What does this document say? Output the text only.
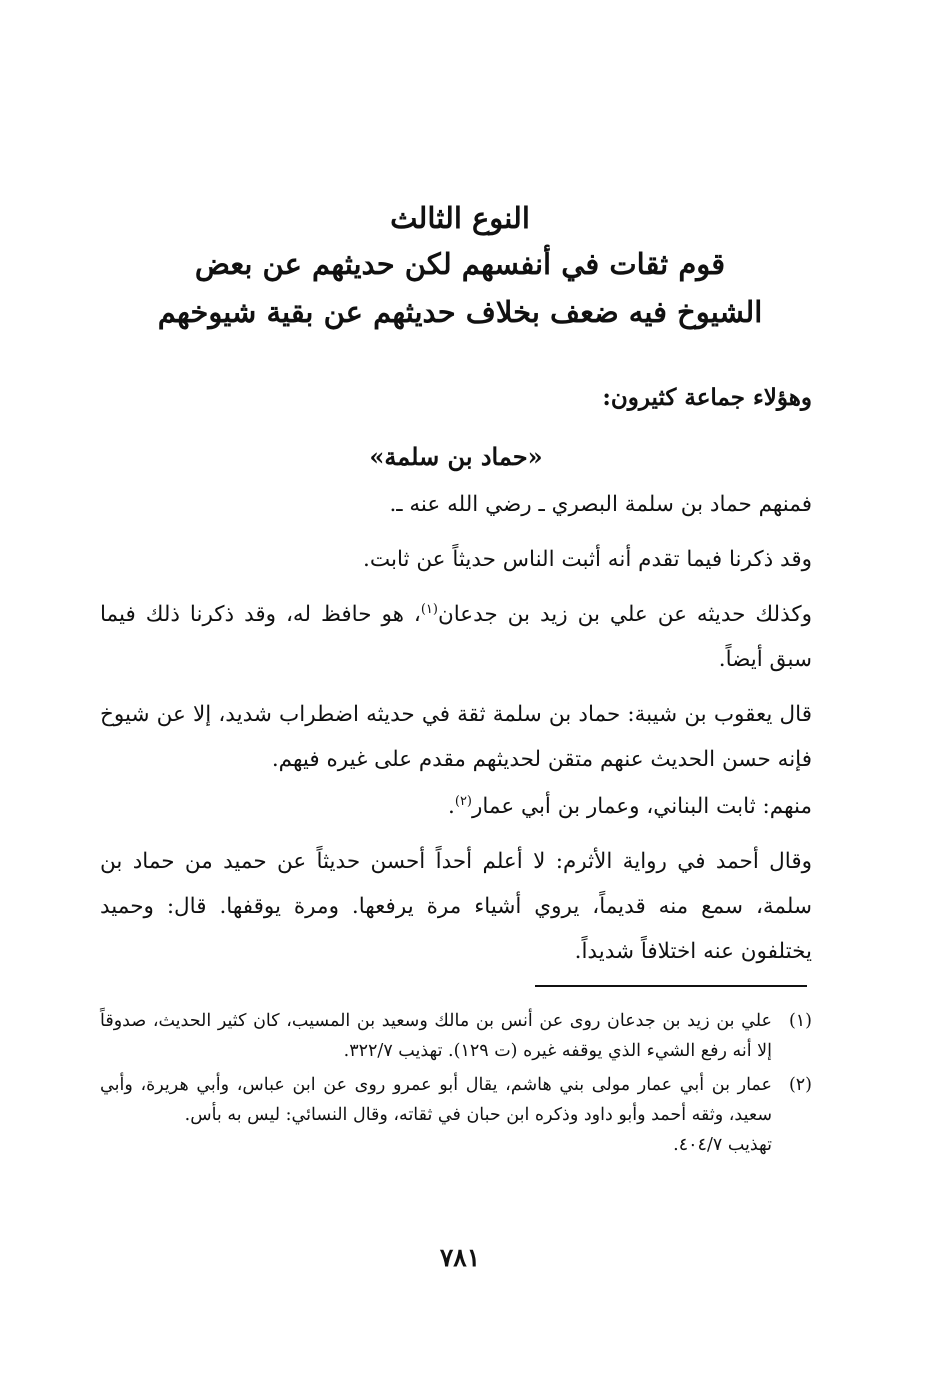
النوع الثالث

قوم ثقات في أنفسهم لكن حديثهم عن بعض

الشيوخ فيه ضعف بخلاف حديثهم عن بقية شيوخهم

وهؤلاء جماعة كثيرون:

«حماد بن سلمة»

فمنهم حماد بن سلمة البصري ـ رضي الله عنه ـ.

وقد ذكرنا فيما تقدم أنه أثبت الناس حديثاً عن ثابت.

وكذلك حديثه عن علي بن زيد بن جدعان$^{(١)}$، هو حافظ له، وقد ذكرنا ذلك فيما سبق أيضاً.

قال يعقوب بن شيبة: حماد بن سلمة ثقة في حديثه اضطراب شديد، إلا عن شيوخ فإنه حسن الحديث عنهم متقن لحديثهم مقدم على غيره فيهم.

منهم: ثابت البناني، وعمار بن أبي عمار$^{(٢)}$.

وقال أحمد في رواية الأثرم: لا أعلم أحداً أحسن حديثاً عن حميد من حماد بن سلمة، سمع منه قديماً، يروي أشياء مرة يرفعها. ومرة يوقفها. قال: وحميد يختلفون عنه اختلافاً شديداً.

(١)
علي بن زيد بن جدعان روى عن أنس بن مالك وسعيد بن المسيب، كان كثير الحديث، صدوقاً إلا أنه رفع الشيء الذي يوقفه غيره (ت ١٢٩). تهذيب ٣٢٢/٧.
(٢)
عمار بن أبي عمار مولى بني هاشم، يقال أبو عمرو روى عن ابن عباس، وأبي هريرة، وأبي سعيد، وثقه أحمد وأبو داود وذكره ابن حبان في ثقاته، وقال النسائي: ليس به بأس.
تهذيب ٤٠٤/٧.
٧٨١
